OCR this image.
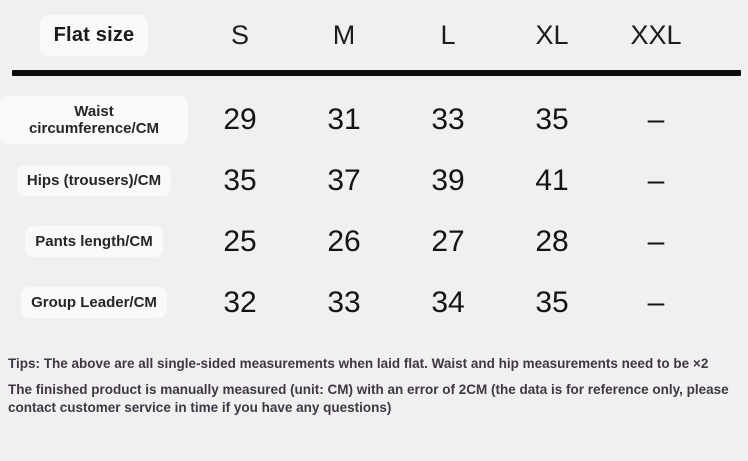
Flat size	S	M	L	XL	XXL
Waist circumference/CM	29	31	33	35	–
Hips (trousers)/CM	35	37	39	41	–
Pants length/CM	25	26	27	28	–
Group Leader/CM	32	33	34	35	–

Tips: The above are all single-sided measurements when laid flat. Waist and hip measurements need to be ×2

The finished product is manually measured (unit: CM) with an error of 2CM (the data is for reference only, please contact customer service in time if you have any questions)
